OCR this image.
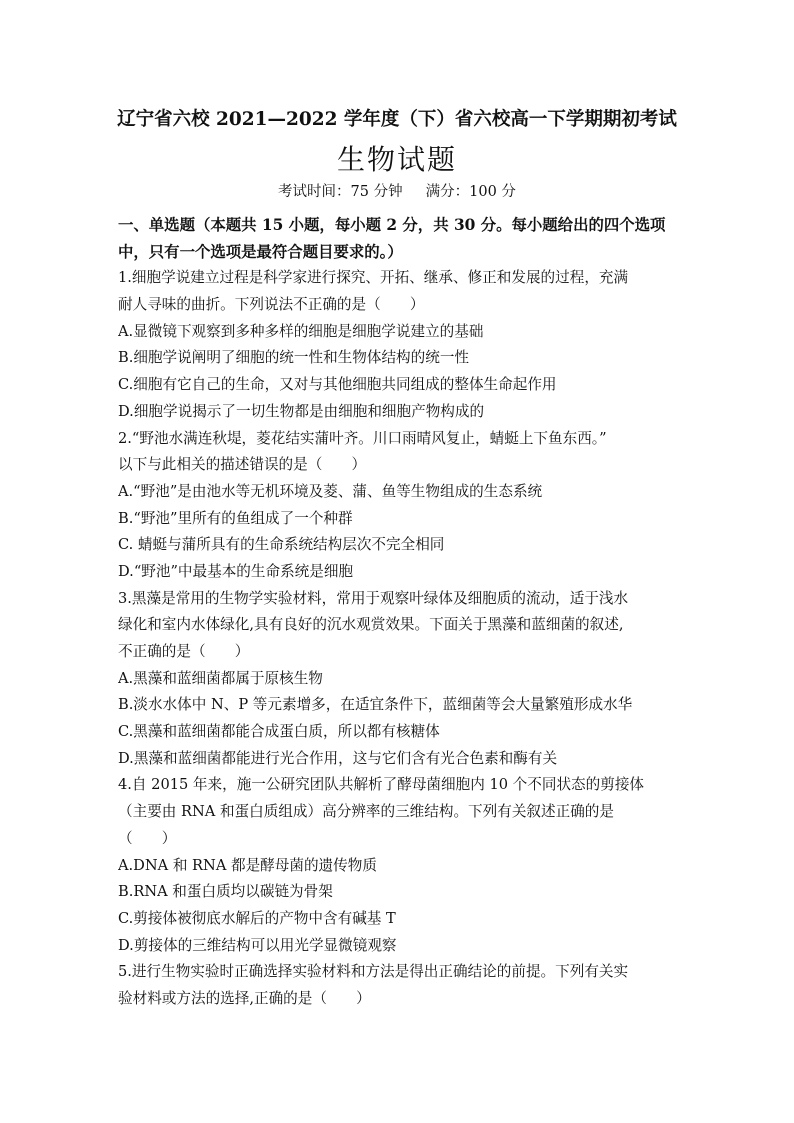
辽宁省六校 2021—2022 学年度（下）省六校高一下学期期初考试
生物试题
考试时间：75 分钟     满分：100 分
一、单选题（本题共 15 小题，每小题 2 分，共 30 分。每小题给出的四个选项
中，只有一个选项是最符合题目要求的。）
1.细胞学说建立过程是科学家进行探究、开拓、继承、修正和发展的过程，充满
耐人寻味的曲折。下列说法不正确的是（　　）
A.显微镜下观察到多种多样的细胞是细胞学说建立的基础
B.细胞学说阐明了细胞的统一性和生物体结构的统一性
C.细胞有它自己的生命，又对与其他细胞共同组成的整体生命起作用
D.细胞学说揭示了一切生物都是由细胞和细胞产物构成的
2.“野池水满连秋堤，菱花结实蒲叶齐。川口雨晴风复止，蜻蜓上下鱼东西。”
以下与此相关的描述错误的是（　　）
A.“野池”是由池水等无机环境及菱、蒲、鱼等生物组成的生态系统
B.“野池”里所有的鱼组成了一个种群
C. 蜻蜓与蒲所具有的生命系统结构层次不完全相同
D.“野池”中最基本的生命系统是细胞
3.黑藻是常用的生物学实验材料，常用于观察叶绿体及细胞质的流动，适于浅水
绿化和室内水体绿化,具有良好的沉水观赏效果。下面关于黑藻和蓝细菌的叙述,
不正确的是（　　）
A.黑藻和蓝细菌都属于原核生物
B.淡水水体中 N、P 等元素增多，在适宜条件下，蓝细菌等会大量繁殖形成水华
C.黑藻和蓝细菌都能合成蛋白质，所以都有核糖体
D.黑藻和蓝细菌都能进行光合作用，这与它们含有光合色素和酶有关
4.自 2015 年来，施一公研究团队共解析了酵母菌细胞内 10 个不同状态的剪接体
（主要由 RNA 和蛋白质组成）高分辨率的三维结构。下列有关叙述正确的是
（　　）
A.DNA 和 RNA 都是酵母菌的遗传物质
B.RNA 和蛋白质均以碳链为骨架
C.剪接体被彻底水解后的产物中含有碱基 T
D.剪接体的三维结构可以用光学显微镜观察
5.进行生物实验时正确选择实验材料和方法是得出正确结论的前提。下列有关实
验材料或方法的选择,正确的是（　　）
